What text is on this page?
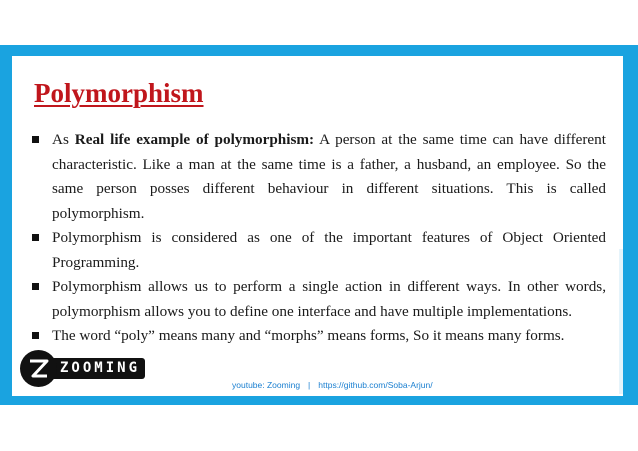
Polymorphism
As Real life example of polymorphism: A person at the same time can have different characteristic. Like a man at the same time is a father, a husband, an employee. So the same person posses different behaviour in different situations. This is called polymorphism.
Polymorphism is considered as one of the important features of Object Oriented Programming.
Polymorphism allows us to perform a single action in different ways. In other words, polymorphism allows you to define one interface and have multiple implementations.
The word “poly” means many and “morphs” means forms, So it means many forms.
ZOOMING
youtube: Zooming | https://github.com/Soba-Arjun/
